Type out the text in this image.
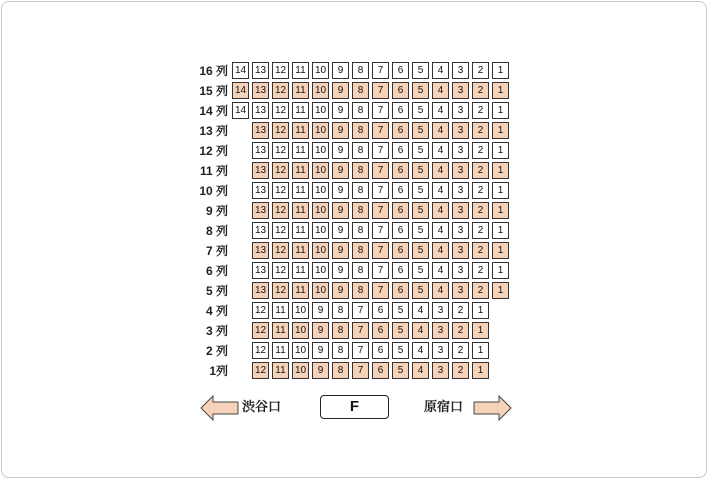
16 列 14 13 12 11 10	9	8	7	6	5	4	3	2	1
15 列 14 13 12 11 10	9	8	7	6	5	4	3	2	1
14 列 14 13 12 11 10	9	8	7	6	5	4	3	2	1
13 列	13 12 11 10	9	8	7	6	5	4	3	2	1
12 列	13 12 11 10	9	8	7	6	5	4	3	2	1
11 列	13 12 11 10	9	8	7	6	5	4	3	2	1
10 列	13 12 11 10	9	8	7	6	5	4	3	2	1
9 列	13 12 11 10	9	8	7	6	5	4	3	2	1
8 列	13 12 11 10	9	8	7	6	5	4	3	2	1
7 列	13 12 11 10	9	8	7	6	5	4	3	2	1
6 列	13 12 11 10	9	8	7	6	5	4	3	2	1
5 列	13 12 11 10	9	8	7	6	5	4	3	2	1
4 列	12 11 10	9	8	7	6	5	4	3	2	1
3 列	12 11 10	9	8	7	6	5	4	3	2	1
2 列	12 11 10	9	8	7	6	5	4	3	2	1
1列	12 11 10	9	8	7	6	5	4	3	2	1
渋谷口	F	原宿口
